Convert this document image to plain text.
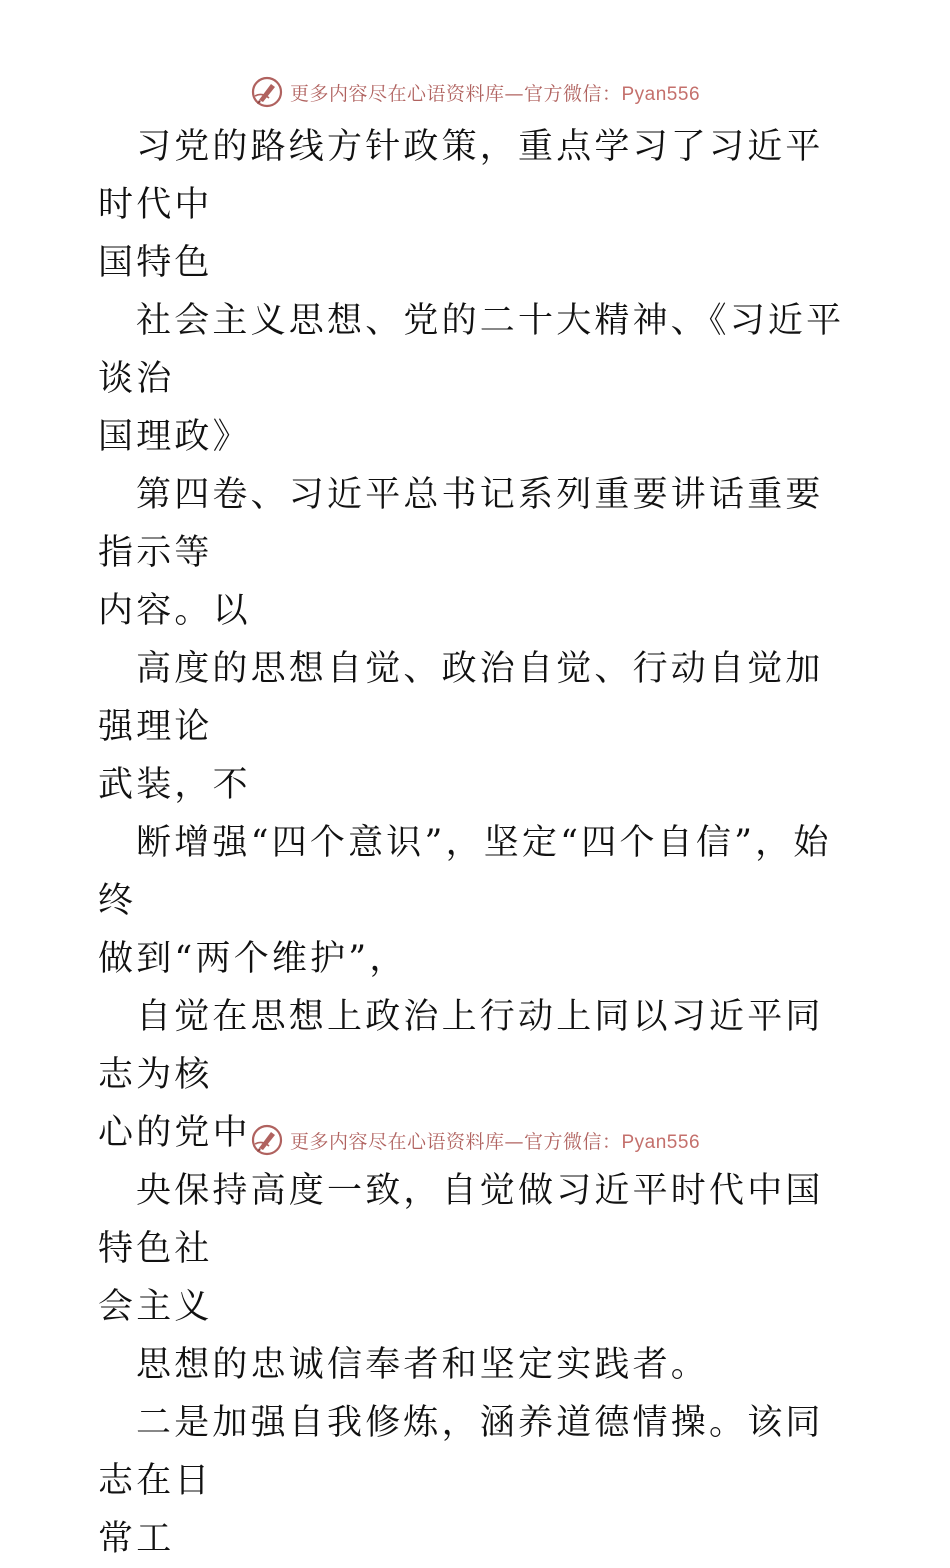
更多内容尽在心语资料库—官方微信：Pyan556

习党的路线方针政策，重点学习了习近平时代中
国特色

社会主义思想、党的二十大精神、《习近平谈治
国理政》

第四卷、习近平总书记系列重要讲话重要指示等
内容。以

高度的思想自觉、政治自觉、行动自觉加强理论
武装，不

断增强“四个意识”，坚定“四个自信”，始终
做到“两个维护”，

自觉在思想上政治上行动上同以习近平同志为核
心的党中

央保持高度一致，自觉做习近平时代中国特色社
会主义

思想的忠诚信奉者和坚定实践者。

二是加强自我修炼，涵养道德情操。该同志在日
常工

更多内容尽在心语资料库—官方微信：Pyan556
